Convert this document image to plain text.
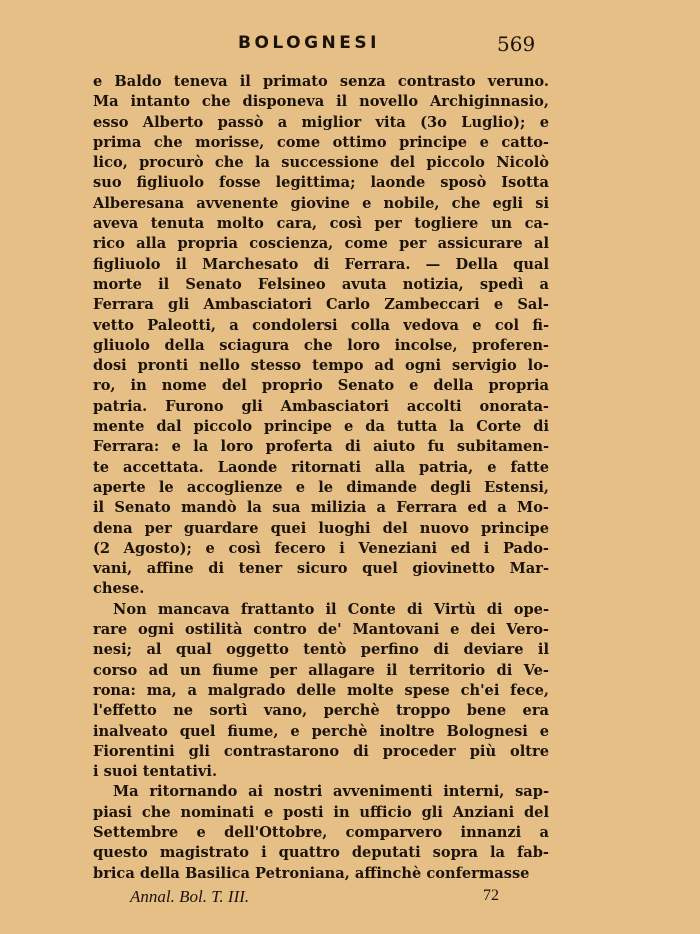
BOLOGNESI	569
e Baldo teneva il primato senza contrasto veruno.
Ma intanto che disponeva il novello Archiginnasio,
esso Alberto passò a miglior vita (3o Luglio); e
prima che morisse, come ottimo principe e catto-
lico, procurò che la successione del piccolo Nicolò
suo figliuolo fosse legittima; laonde sposò Isotta
Alberesana avvenente giovine e nobile, che egli si
aveva tenuta molto cara, così per togliere un ca-
rico alla propria coscienza, come per assicurare al
figliuolo il Marchesato di Ferrara. — Della qual
morte il Senato Felsineo avuta notizia, spedì a
Ferrara gli Ambasciatori Carlo Zambeccari e Sal-
vetto Paleotti, a condolersi colla vedova e col fi-
gliuolo della sciagura che loro incolse, proferen-
dosi pronti nello stesso tempo ad ogni servigio lo-
ro, in nome del proprio Senato e della propria
patria. Furono gli Ambasciatori accolti onorata-
mente dal piccolo principe e da tutta la Corte di
Ferrara: e la loro proferta di aiuto fu subitamen-
te accettata. Laonde ritornati alla patria, e fatte
aperte le accoglienze e le dimande degli Estensi,
il Senato mandò la sua milizia a Ferrara ed a Mo-
dena per guardare quei luoghi del nuovo principe
(2 Agosto); e così fecero i Veneziani ed i Pado-
vani, affine di tener sicuro quel giovinetto Mar-
chese.
Non mancava frattanto il Conte di Virtù di ope-
rare ogni ostilità contro de' Mantovani e dei Vero-
nesi; al qual oggetto tentò perfino di deviare il
corso ad un fiume per allagare il territorio di Ve-
rona: ma, a malgrado delle molte spese ch'ei fece,
l'effetto ne sortì vano, perchè troppo bene era
inalveato quel fiume, e perchè inoltre Bolognesi e
Fiorentini gli contrastarono di proceder più oltre
i suoi tentativi.
Ma ritornando ai nostri avvenimenti interni, sap-
piasi che nominati e posti in ufficio gli Anziani del
Settembre e dell'Ottobre, comparvero innanzi a
questo magistrato i quattro deputati sopra la fab-
brica della Basilica Petroniana, affinchè confermasse
Annal. Bol. T. III.	72
